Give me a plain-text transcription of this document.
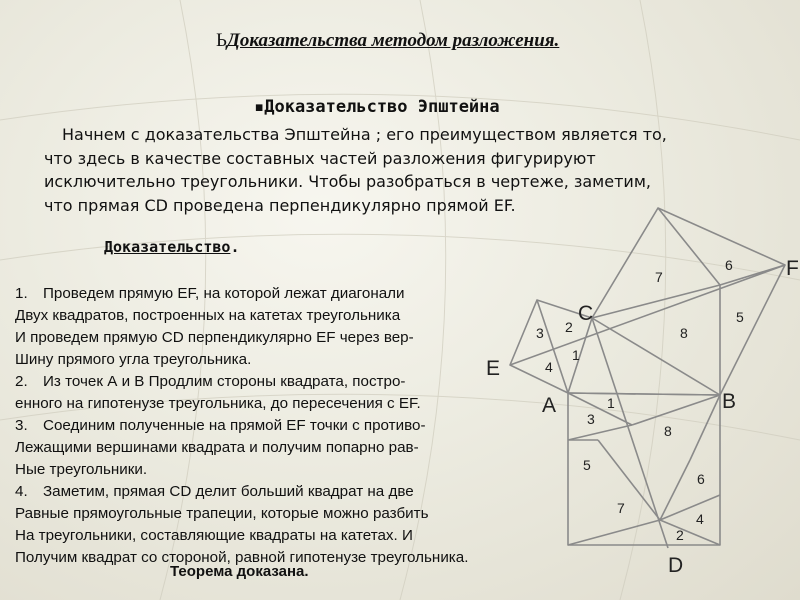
ЬДоказательства методом разложения.
▪Доказательство Эпштейна
Начнем с доказательства Эпштейна ; его преимуществом является то,
что здесь в качестве составных частей разложения фигурируют
исключительно треугольники. Чтобы разобраться в чертеже, заметим,
что прямая CD проведена перпендикулярно прямой EF.
Доказательство.
1. Проведем прямую EF, на которой лежат диагонали
Двух квадратов, построенных на катетах треугольника
И проведем прямую CD перпендикулярно EF через вер-
Шину прямого угла треугольника.
2. Из точек А и В Продлим стороны квадрата, постро-
енного на гипотенузе треугольника, до пересечения с EF.
3. Соединим полученные на прямой EF точки с противо-
Лежащими вершинами квадрата и получим попарно рав-
Ные треугольники.
4. Заметим, прямая CD делит больший квадрат на две
Равные прямоугольные трапеции, которые можно разбить
На треугольники, составляющие квадраты на катетах. И
Получим квадрат со стороной, равной гипотенузе треугольника.
Теорема доказана.
C
F
E
A	B
D
7
6
8
5
3 2
1
4
1
3
8
5
6
7
4
2
